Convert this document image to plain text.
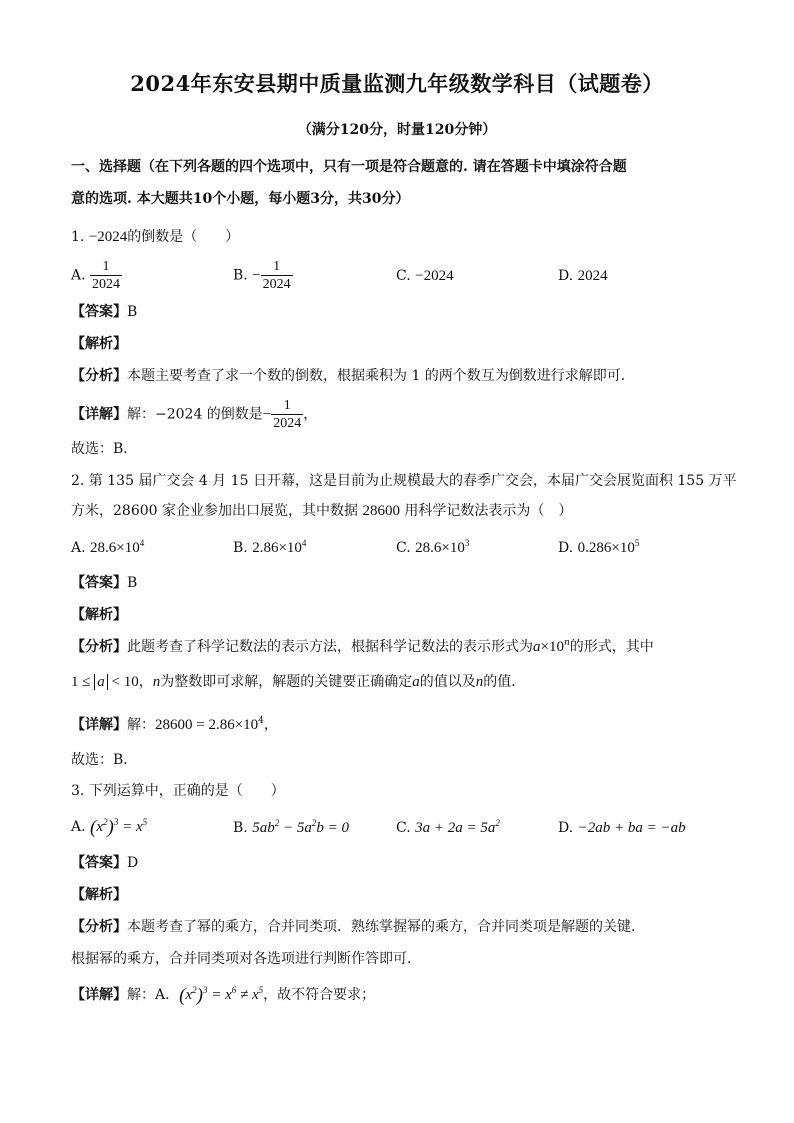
2024年东安县期中质量监测九年级数学科目（试题卷）
（满分120分，时量120分钟）
一、选择题（在下列各题的四个选项中，只有一项是符合题意的. 请在答题卡中填涂符合题
意的选项. 本大题共10个小题，每小题3分，共30分）
1. −2024的倒数是（　　）
A. $\frac{1}{2024}$	B. − $\frac{1}{2024}$	C. −2024	D. 2024
【答案】B
【解析】
【分析】本题主要考查了求一个数的倒数，根据乘积为 1 的两个数互为倒数进行求解即可．
【详解】解：−2024 的倒数是− $\frac{1}{2024}$ ，
故选：B．
2. 第 135 届广交会 4 月 15 日开幕，这是目前为止规模最大的春季广交会，本届广交会展览面积 155 万平
方米，28600 家企业参加出口展览，其中数据 28600 用科学记数法表示为（　）
A. $28.6\times 10^4$	B. $2.86\times 10^4$	C. $28.6\times 10^3$	D. $0.286\times 10^5$
【答案】B
【解析】
【分析】此题考查了科学记数法的表示方法，根据科学记数法的表示形式为$a\times 10^n$的形式，其中
1 ≤ a < 10，n为整数即可求解，解题的关键要正确确定a的值以及n的值．
【详解】解：$28600 = 2.86\times 10^4$，
故选：B．
3. 下列运算中，正确的是（　　）
A. $(x^2)^3 = x^5$	B. $5ab^2 - 5a^2b = 0$	C. $3a + 2a = 5a^2$	D. −2ab + ba = −ab
【答案】D
【解析】
【分析】本题考查了幂的乘方，合并同类项．熟练掌握幂的乘方，合并同类项是解题的关键．
根据幂的乘方，合并同类项对各选项进行判断作答即可．
【详解】解：A．$(x^2)^3 = x^6 \ne x^5$，故不符合要求；
